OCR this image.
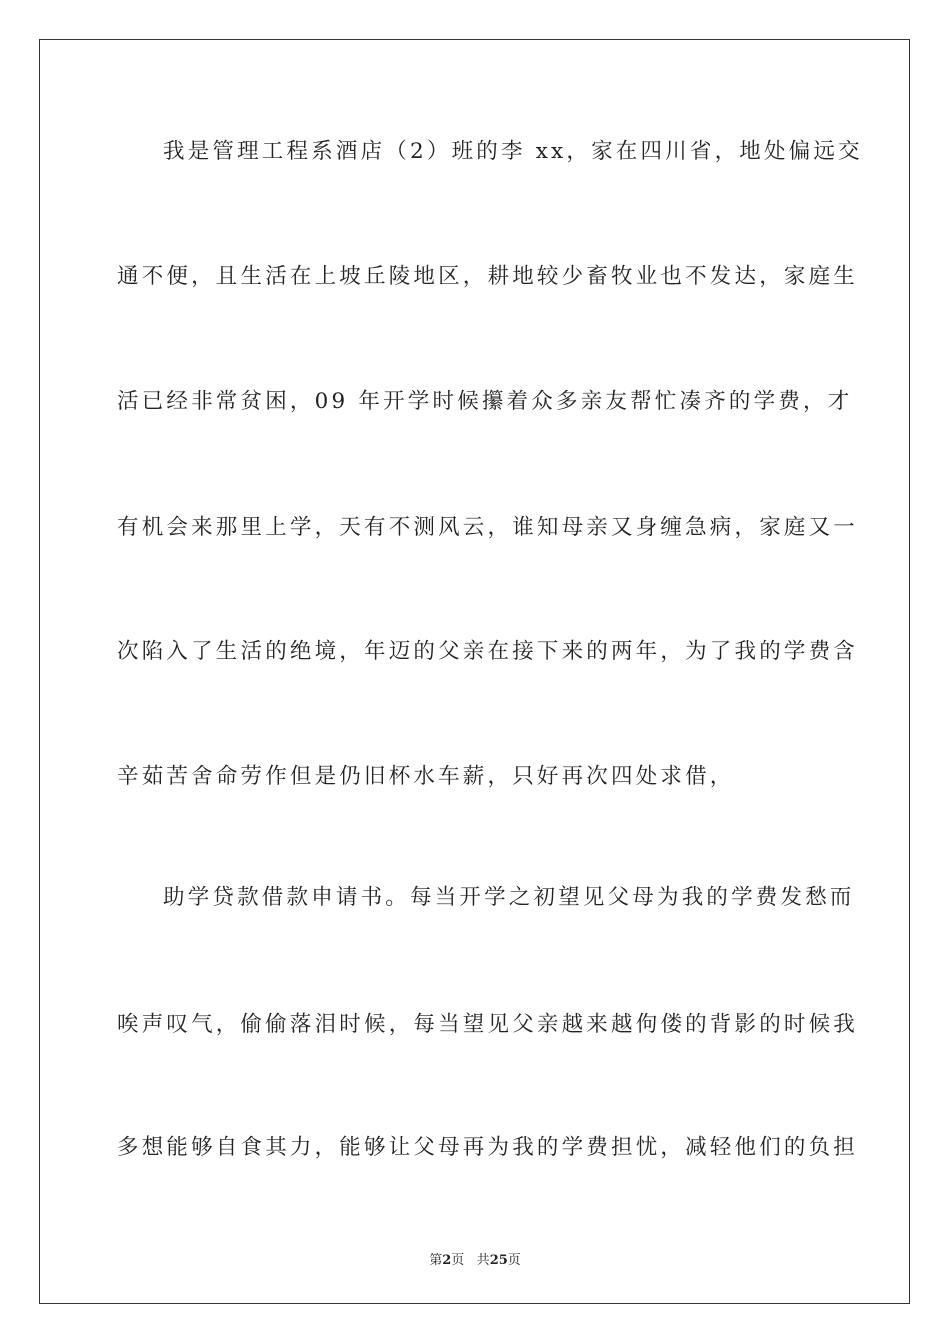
我是管理工程系酒店（2）班的李 xx，家在四川省，地处偏远交
通不便，且生活在上坡丘陵地区，耕地较少畜牧业也不发达，家庭生
活已经非常贫困，09 年开学时候攥着众多亲友帮忙凑齐的学费，才
有机会来那里上学，天有不测风云，谁知母亲又身缠急病，家庭又一
次陷入了生活的绝境，年迈的父亲在接下来的两年，为了我的学费含
辛茹苦舍命劳作但是仍旧杯水车薪，只好再次四处求借，
助学贷款借款申请书。每当开学之初望见父母为我的学费发愁而
唉声叹气，偷偷落泪时候，每当望见父亲越来越佝偻的背影的时候我
多想能够自食其力，能够让父母再为我的学费担忧，减轻他们的负担
第2页 共25页
